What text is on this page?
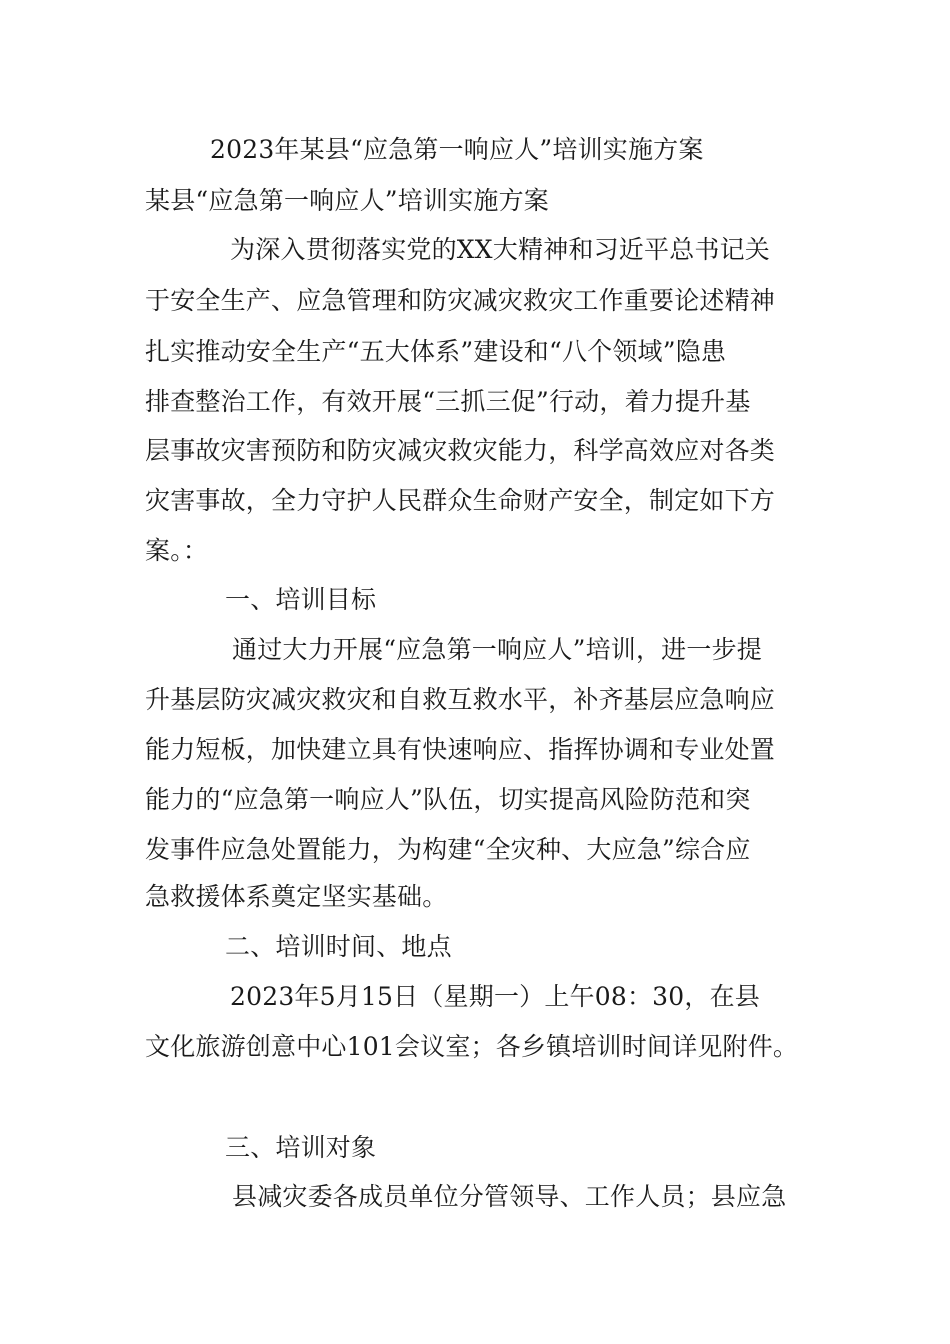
2023年某县“应急第一响应人”培训实施方案
某县“应急第一响应人”培训实施方案
为深入贯彻落实党的XX大精神和习近平总书记关
于安全生产、应急管理和防灾减灾救灾工作重要论述精神
扎实推动安全生产“五大体系”建设和“八个领域”隐患
排查整治工作，有效开展“三抓三促”行动，着力提升基
层事故灾害预防和防灾减灾救灾能力，科学高效应对各类
灾害事故，全力守护人民群众生命财产安全，制定如下方
案。：
一、培训目标
通过大力开展“应急第一响应人”培训，进一步提
升基层防灾减灾救灾和自救互救水平，补齐基层应急响应
能力短板，加快建立具有快速响应、指挥协调和专业处置
能力的“应急第一响应人”队伍，切实提高风险防范和突
发事件应急处置能力，为构建“全灾种、大应急”综合应
急救援体系奠定坚实基础。
二、培训时间、地点
2023年5月15日（星期一）上午08：30，在县
文化旅游创意中心101会议室；各乡镇培训时间详见附件。
三、培训对象
县减灾委各成员单位分管领导、工作人员；县应急
